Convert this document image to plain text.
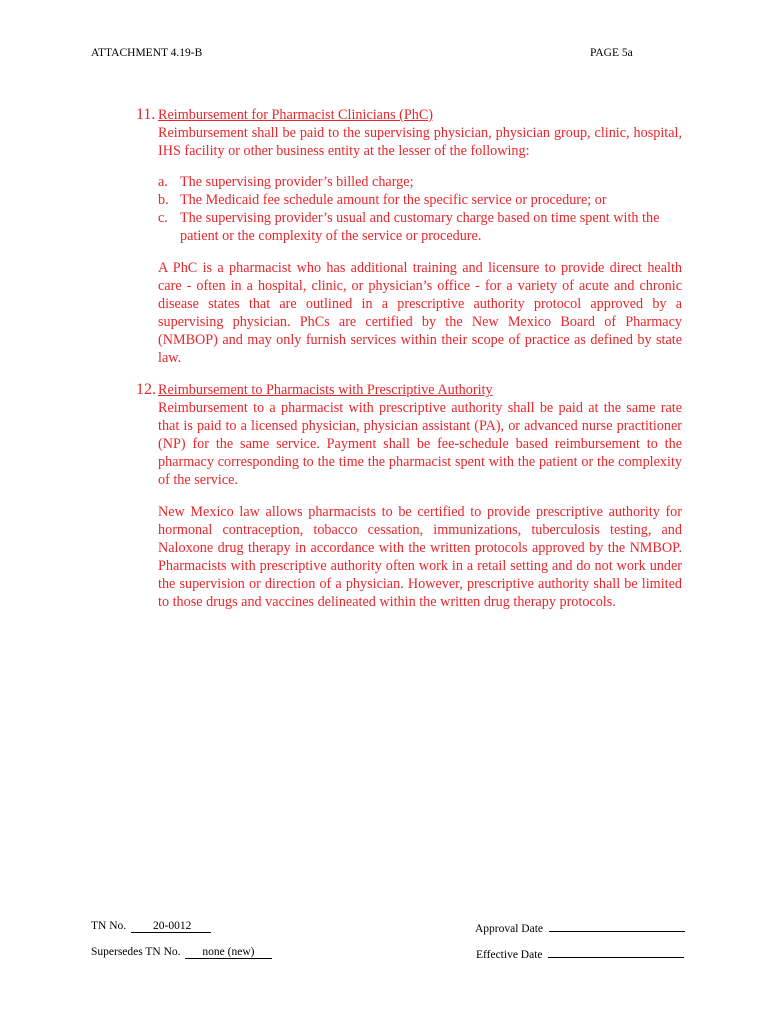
ATTACHMENT 4.19-B	PAGE 5a
11. Reimbursement for Pharmacist Clinicians (PhC)

Reimbursement shall be paid to the supervising physician, physician group, clinic, hospital, IHS facility or other business entity at the lesser of the following:

a. The supervising provider’s billed charge;
b. The Medicaid fee schedule amount for the specific service or procedure; or
c. The supervising provider’s usual and customary charge based on time spent with the patient or the complexity of the service or procedure.

A PhC is a pharmacist who has additional training and licensure to provide direct health care - often in a hospital, clinic, or physician’s office - for a variety of acute and chronic disease states that are outlined in a prescriptive authority protocol approved by a supervising physician. PhCs are certified by the New Mexico Board of Pharmacy (NMBOP) and may only furnish services within their scope of practice as defined by state law.

12. Reimbursement to Pharmacists with Prescriptive Authority

Reimbursement to a pharmacist with prescriptive authority shall be paid at the same rate that is paid to a licensed physician, physician assistant (PA), or advanced nurse practitioner (NP) for the same service. Payment shall be fee-schedule based reimbursement to the pharmacy corresponding to the time the pharmacist spent with the patient or the complexity of the service.

New Mexico law allows pharmacists to be certified to provide prescriptive authority for hormonal contraception, tobacco cessation, immunizations, tuberculosis testing, and Naloxone drug therapy in accordance with the written protocols approved by the NMBOP. Pharmacists with prescriptive authority often work in a retail setting and do not work under the supervision or direction of a physician. However, prescriptive authority shall be limited to those drugs and vaccines delineated within the written drug therapy protocols.

TN No. 20-0012
Supersedes TN No. none (new)
Approval Date
Effective Date
